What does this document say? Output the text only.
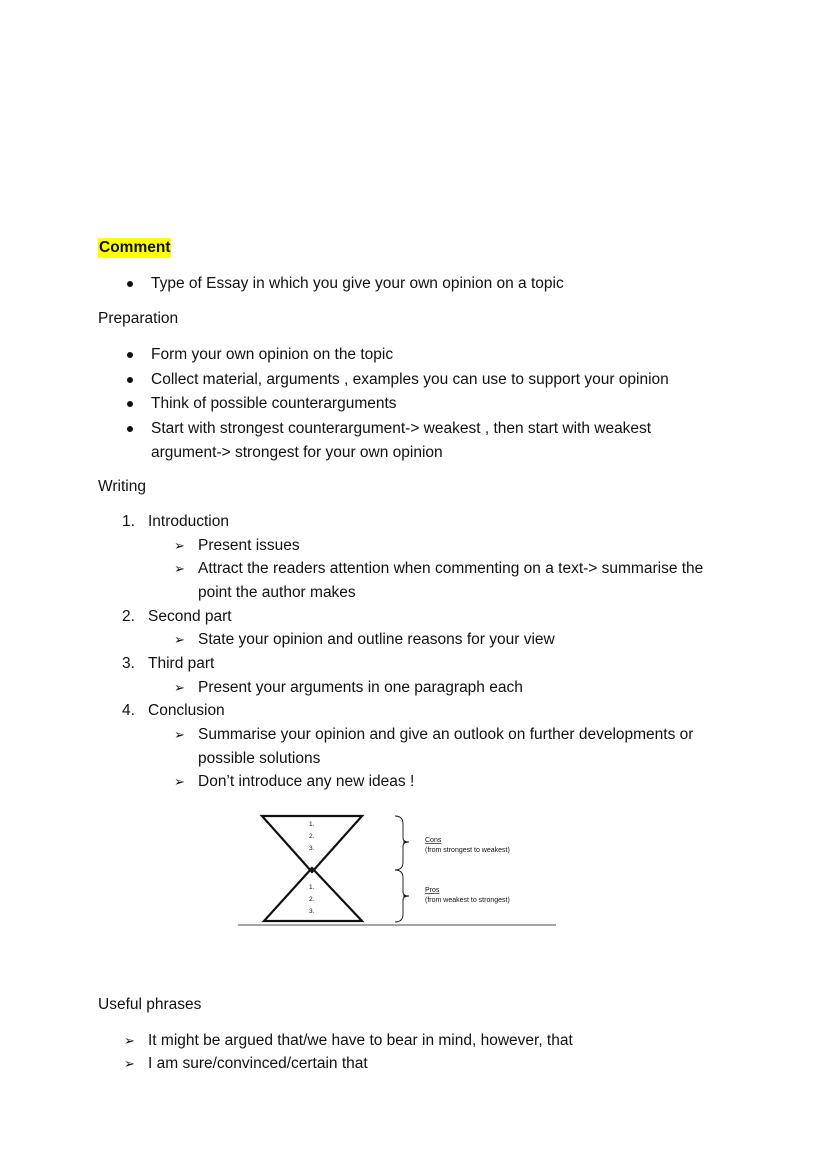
Comment
Type of Essay in which you give your own opinion on a topic
Preparation
Form your own opinion on the topic
Collect material, arguments , examples you can use to support your opinion
Think of possible counterarguments
Start with strongest counterargument-> weakest , then start with weakest
argument-> strongest for your own opinion
Writing
1. Introduction
➢ Present issues
➢ Attract the readers attention when commenting on a text-> summarise the
point the author makes
2. Second part
➢ State your opinion and outline reasons for your view
3. Third part
➢ Present your arguments in one paragraph each
4. Conclusion
➢ Summarise your opinion and give an outlook on further developments or
possible solutions
➢ Don’t introduce any new ideas !
1.
2.
3.
1.
2.
3.
Cons
(from strongest to weakest)
Pros
(from weakest to strongest)
Useful phrases
➢ It might be argued that/we have to bear in mind, however, that
➢ I am sure/convinced/certain that
